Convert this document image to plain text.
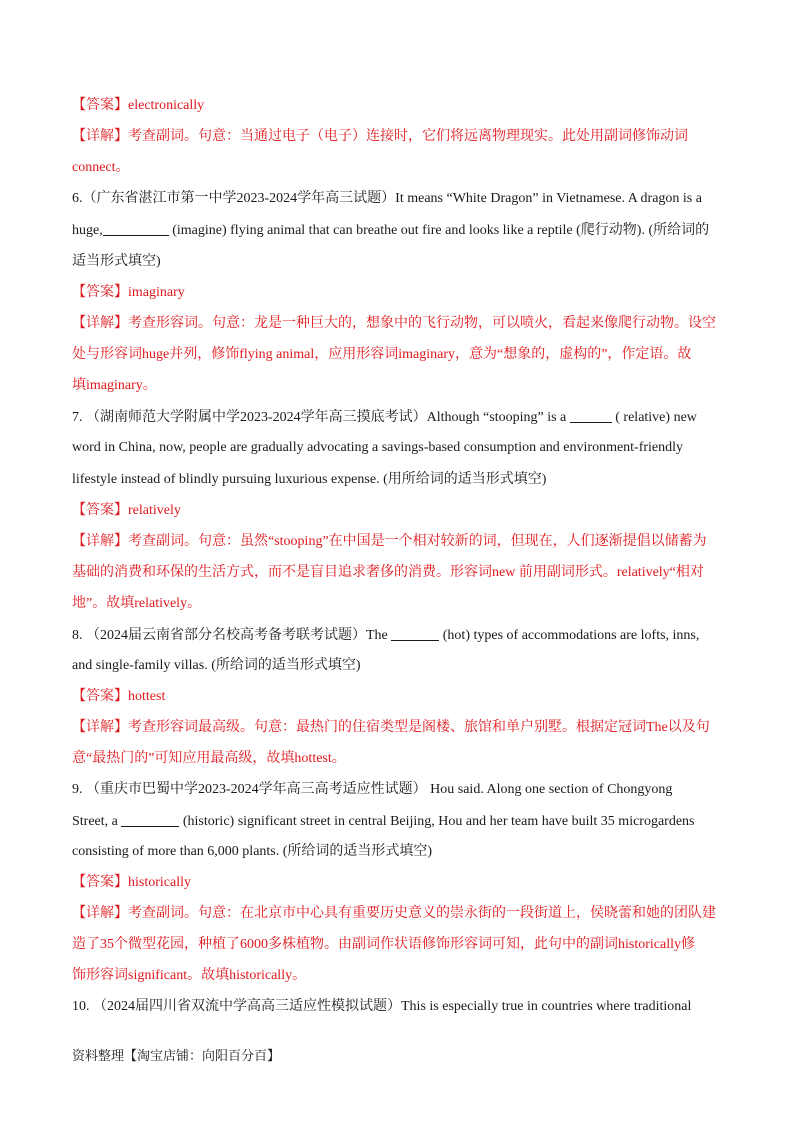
【答案】electronically
【详解】考查副词。句意：当通过电子（电子）连接时，它们将远离物理现实。此处用副词修饰动词
connect。
6.（广东省湛江市第一中学2023-2024学年高三试题）It means “White Dragon” in Vietnamese. A dragon is a
huge,	(imagine) flying animal that can breathe out fire and looks like a reptile (爬行动物). (所给词的
适当形式填空)
【答案】imaginary
【详解】考查形容词。句意：龙是一种巨大的，想象中的飞行动物，可以喷火，看起来像爬行动物。设空
处与形容词huge并列，修饰flying animal，应用形容词imaginary，意为“想象的，虚构的”，作定语。故
填imaginary。
7. （湖南师范大学附属中学2023-2024学年高三摸底考试）Although “stooping” is a	( relative) new
word in China, now, people are gradually advocating a savings-based consumption and environment-friendly
lifestyle instead of blindly pursuing luxurious expense. (用所给词的适当形式填空)
【答案】relatively
【详解】考查副词。句意：虽然“stooping”在中国是一个相对较新的词，但现在，人们逐渐提倡以储蓄为
基础的消费和环保的生活方式，而不是盲目追求奢侈的消费。形容词new 前用副词形式。relatively“相对
地”。故填relatively。
8. （2024届云南省部分名校高考备考联考试题）The	(hot) types of accommodations are lofts, inns,
and single-family villas. (所给词的适当形式填空)
【答案】hottest
【详解】考查形容词最高级。句意：最热门的住宿类型是阁楼、旅馆和单户别墅。根据定冠词The以及句
意“最热门的”可知应用最高级，故填hottest。
9. （重庆市巴蜀中学2023-2024学年高三高考适应性试题） Hou said. Along one section of Chongyong
Street, a	(historic) significant street in central Beijing, Hou and her team have built 35 microgardens
consisting of more than 6,000 plants. (所给词的适当形式填空)
【答案】historically
【详解】考查副词。句意：在北京市中心具有重要历史意义的崇永街的一段街道上，侯晓蕾和她的团队建
造了35个微型花园，种植了6000多株植物。由副词作状语修饰形容词可知，此句中的副词historically修
饰形容词significant。故填historically。
10. （2024届四川省双流中学高高三适应性模拟试题）This is especially true in countries where traditional
资料整理【淘宝店铺：向阳百分百】
